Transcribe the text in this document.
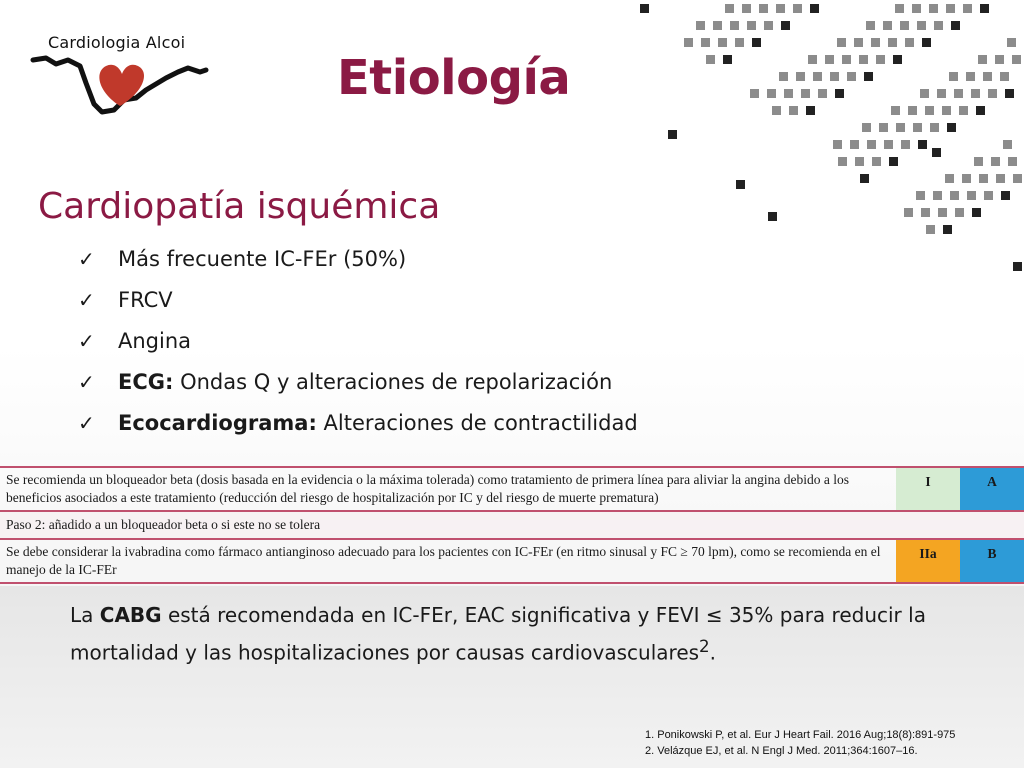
Cardiologia Alcoi
Etiología
Cardiopatía isquémica
✓	Más frecuente IC-FEr (50%)
✓	FRCV
✓	Angina
✓	ECG: Ondas Q y alteraciones de repolarización
✓	Ecocardiograma: Alteraciones de contractilidad
Se recomienda un bloqueador beta (dosis basada en la evidencia o la máxima tolerada) como tratamiento de primera línea para aliviar la angina debido a los beneficios asociados a este tratamiento (reducción del riesgo de hospitalización por IC y del riesgo de muerte prematura)	I	A
Paso 2: añadido a un bloqueador beta o si este no se tolera		
Se debe considerar la ivabradina como fármaco antianginoso adecuado para los pacientes con IC-FEr (en ritmo sinusal y FC ≥ 70 lpm), como se recomienda en el manejo de la IC-FEr	IIa	B
La CABG está recomendada en IC-FEr, EAC significativa y FEVI ≤ 35% para reducir la mortalidad y las hospitalizaciones por causas cardiovasculares$^2$.
1. Ponikowski P, et al. Eur J Heart Fail. 2016 Aug;18(8):891-975
2. Velázque EJ, et al. N Engl J Med. 2011;364:1607–16.
